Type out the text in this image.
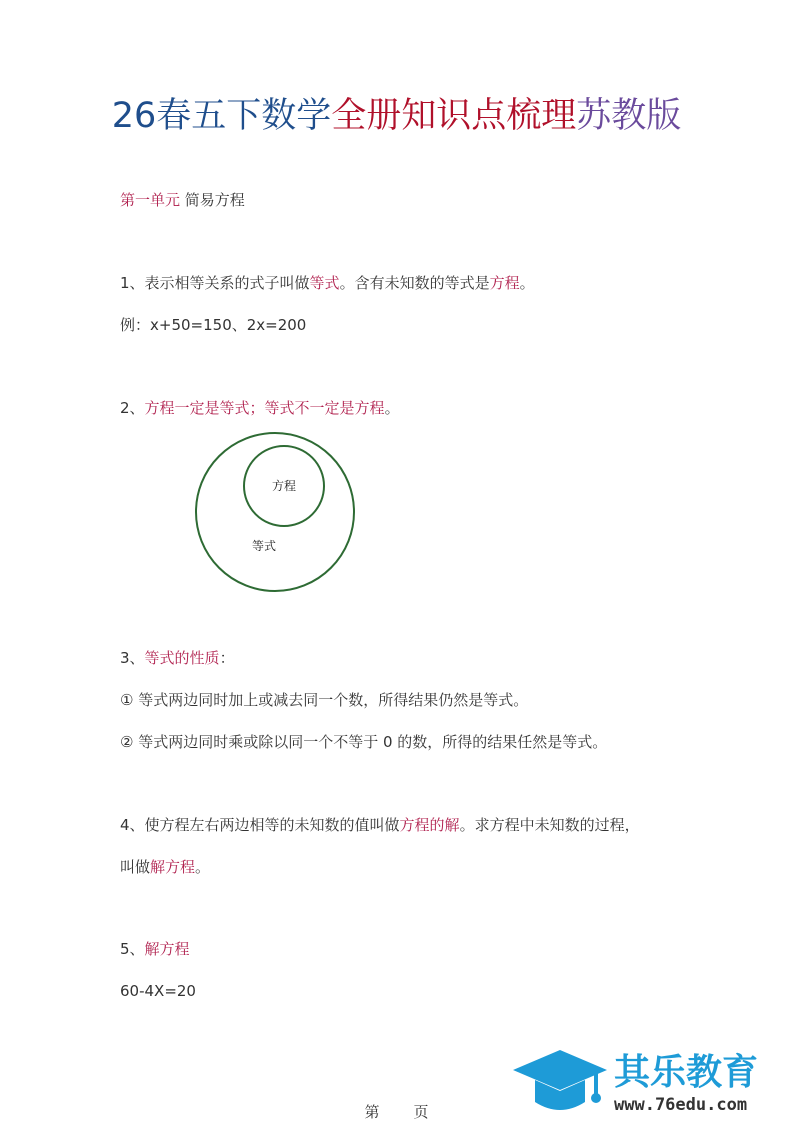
26春五下数学全册知识点梳理苏教版
第一单元 简易方程
1、表示相等关系的式子叫做等式。含有未知数的等式是方程。
例：x+50=150、2x=200
2、方程一定是等式；等式不一定是方程。
方程
等式
3、等式的性质：
① 等式两边同时加上或减去同一个数，所得结果仍然是等式。
② 等式两边同时乘或除以同一个不等于 0 的数，所得的结果任然是等式。
4、使方程左右两边相等的未知数的值叫做方程的解。求方程中未知数的过程，
叫做解方程。
5、解方程
60-4X=20
其乐教育
www.76edu.com
第 页
